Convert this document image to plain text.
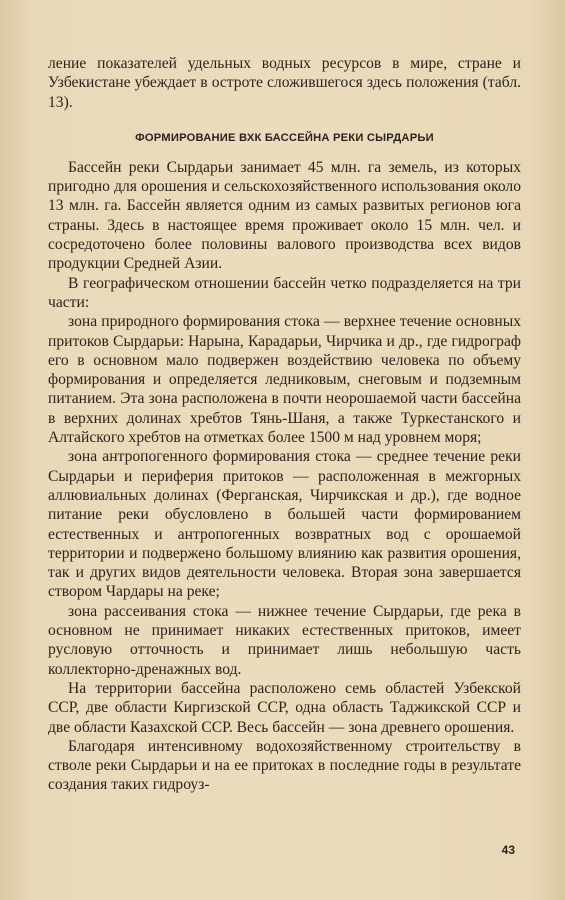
ление показателей удельных водных ресурсов в мире, стране и Узбекистане убеждает в остроте сложившегося здесь положения (табл. 13).

ФОРМИРОВАНИЕ ВХК БАССЕЙНА РЕКИ СЫРДАРЬИ

Бассейн реки Сырдарьи занимает 45 млн. га земель, из которых пригодно для орошения и сельскохозяйственного использования около 13 млн. га. Бассейн является одним из самых развитых регионов юга страны. Здесь в настоящее время проживает около 15 млн. чел. и сосредоточено более половины валового производства всех видов продукции Средней Азии.

В географическом отношении бассейн четко подразделяется на три части:

зона природного формирования стока — верхнее течение основных притоков Сырдарьи: Нарына, Карадарьи, Чирчика и др., где гидрограф его в основном мало подвержен воздействию человека по объему формирования и определяется ледниковым, снеговым и подземным питанием. Эта зона расположена в почти неорошаемой части бассейна в верхних долинах хребтов Тянь-Шаня, а также Туркестанского и Алтайского хребтов на отметках более 1500 м над уровнем моря;

зона антропогенного формирования стока — среднее течение реки Сырдарьи и периферия притоков — расположенная в межгорных аллювиальных долинах (Ферганская, Чирчикская и др.), где водное питание реки обусловлено в большей части формированием естественных и антропогенных возвратных вод с орошаемой территории и подвержено большому влиянию как развития орошения, так и других видов деятельности человека. Вторая зона завершается створом Чардары на реке;

зона рассеивания стока — нижнее течение Сырдарьи, где река в основном не принимает никаких естественных притоков, имеет русловую отточность и принимает лишь небольшую часть коллекторно-дренажных вод.

На территории бассейна расположено семь областей Узбекской ССР, две области Киргизской ССР, одна область Таджикской ССР и две области Казахской ССР. Весь бассейн — зона древнего орошения.

Благодаря интенсивному водохозяйственному строительству в стволе реки Сырдарьи и на ее притоках в последние годы в результате создания таких гидроуз-

43
